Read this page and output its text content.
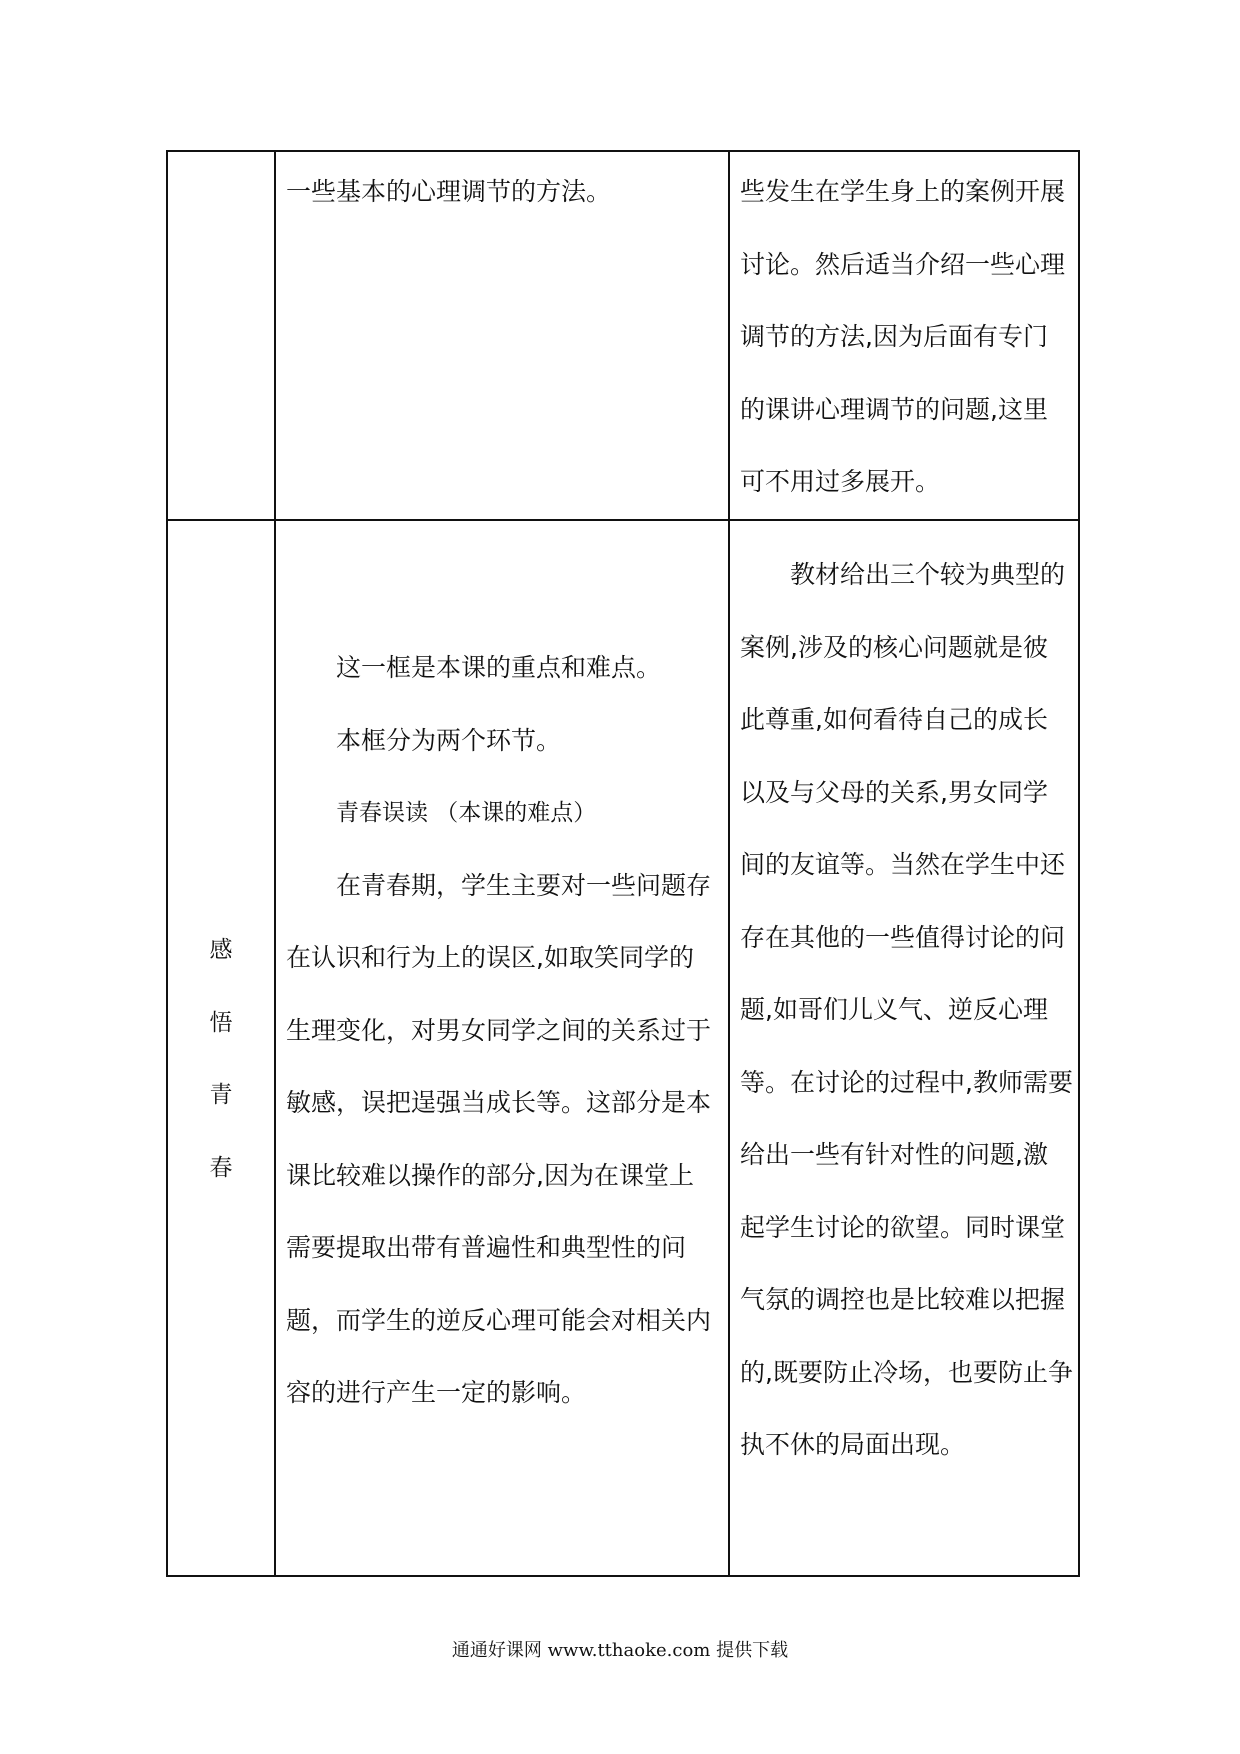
一些基本的心理调节的方法。	些发生在学生身上的案例开展
讨论。然后适当介绍一些心理
调节的方法,因为后面有专门
的课讲心理调节的问题,这里
可不用过多展开。
感
悟
青
春
这一框是本课的重点和难点。
本框分为两个环节。
青春误读 （本课的难点）
在青春期，学生主要对一些问题存
在认识和行为上的误区,如取笑同学的
生理变化，对男女同学之间的关系过于
敏感，误把逞强当成长等。这部分是本
课比较难以操作的部分,因为在课堂上
需要提取出带有普遍性和典型性的问
题，而学生的逆反心理可能会对相关内
容的进行产生一定的影响。
教材给出三个较为典型的
案例,涉及的核心问题就是彼
此尊重,如何看待自己的成长
以及与父母的关系,男女同学
间的友谊等。当然在学生中还
存在其他的一些值得讨论的问
题,如哥们儿义气、逆反心理
等。在讨论的过程中,教师需要
给出一些有针对性的问题,激
起学生讨论的欲望。同时课堂
气氛的调控也是比较难以把握
的,既要防止冷场，也要防止争
执不休的局面出现。
通通好课网 www.tthaoke.com 提供下载
